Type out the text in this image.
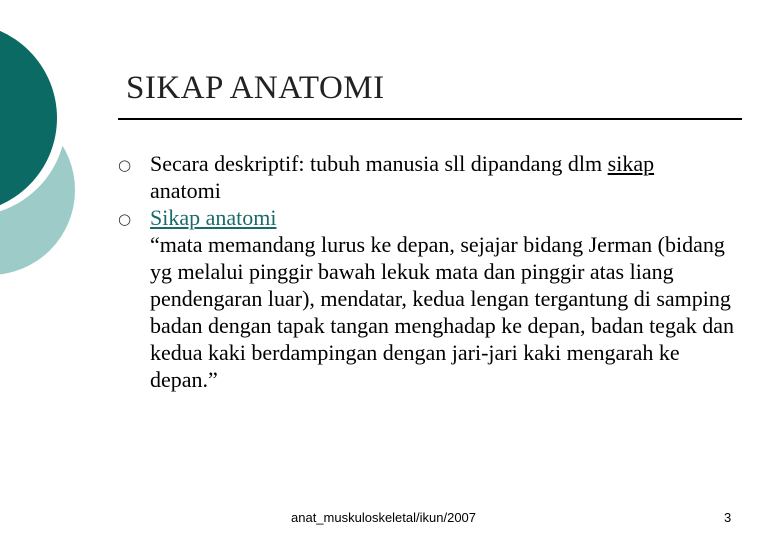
SIKAP ANATOMI
○ Secara deskriptif: tubuh manusia sll dipandang dlm sikap
anatomi
○ Sikap anatomi
“mata memandang lurus ke depan, sejajar bidang Jerman (bidang yg melalui pinggir bawah lekuk mata dan pinggir atas liang pendengaran luar), mendatar, kedua lengan tergantung di samping badan dengan tapak tangan menghadap ke depan, badan tegak dan kedua kaki berdampingan dengan jari-jari kaki mengarah ke depan.”
anat_muskuloskeletal/ikun/2007	3
